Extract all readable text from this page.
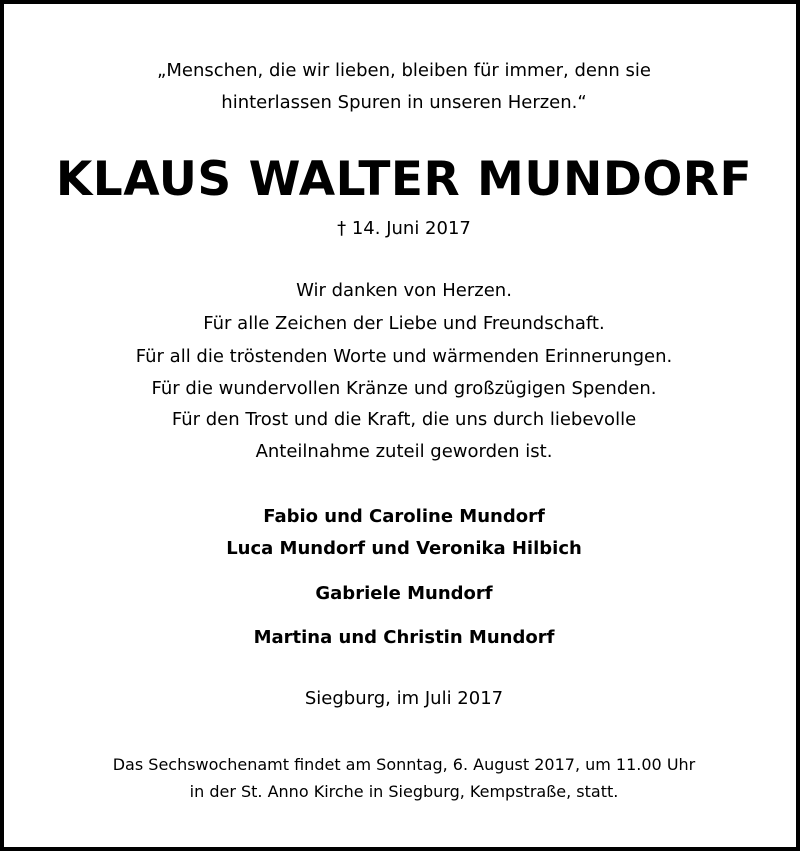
„Menschen, die wir lieben, bleiben für immer, denn sie
hinterlassen Spuren in unseren Herzen.“
KLAUS WALTER MUNDORF
† 14. Juni 2017
Wir danken von Herzen.
Für alle Zeichen der Liebe und Freundschaft.
Für all die tröstenden Worte und wärmenden Erinnerungen.
Für die wundervollen Kränze und großzügigen Spenden.
Für den Trost und die Kraft, die uns durch liebevolle
Anteilnahme zuteil geworden ist.
Fabio und Caroline Mundorf
Luca Mundorf und Veronika Hilbich
Gabriele Mundorf
Martina und Christin Mundorf
Siegburg, im Juli 2017
Das Sechswochenamt findet am Sonntag, 6. August 2017, um 11.00 Uhr
in der St. Anno Kirche in Siegburg, Kempstraße, statt.
